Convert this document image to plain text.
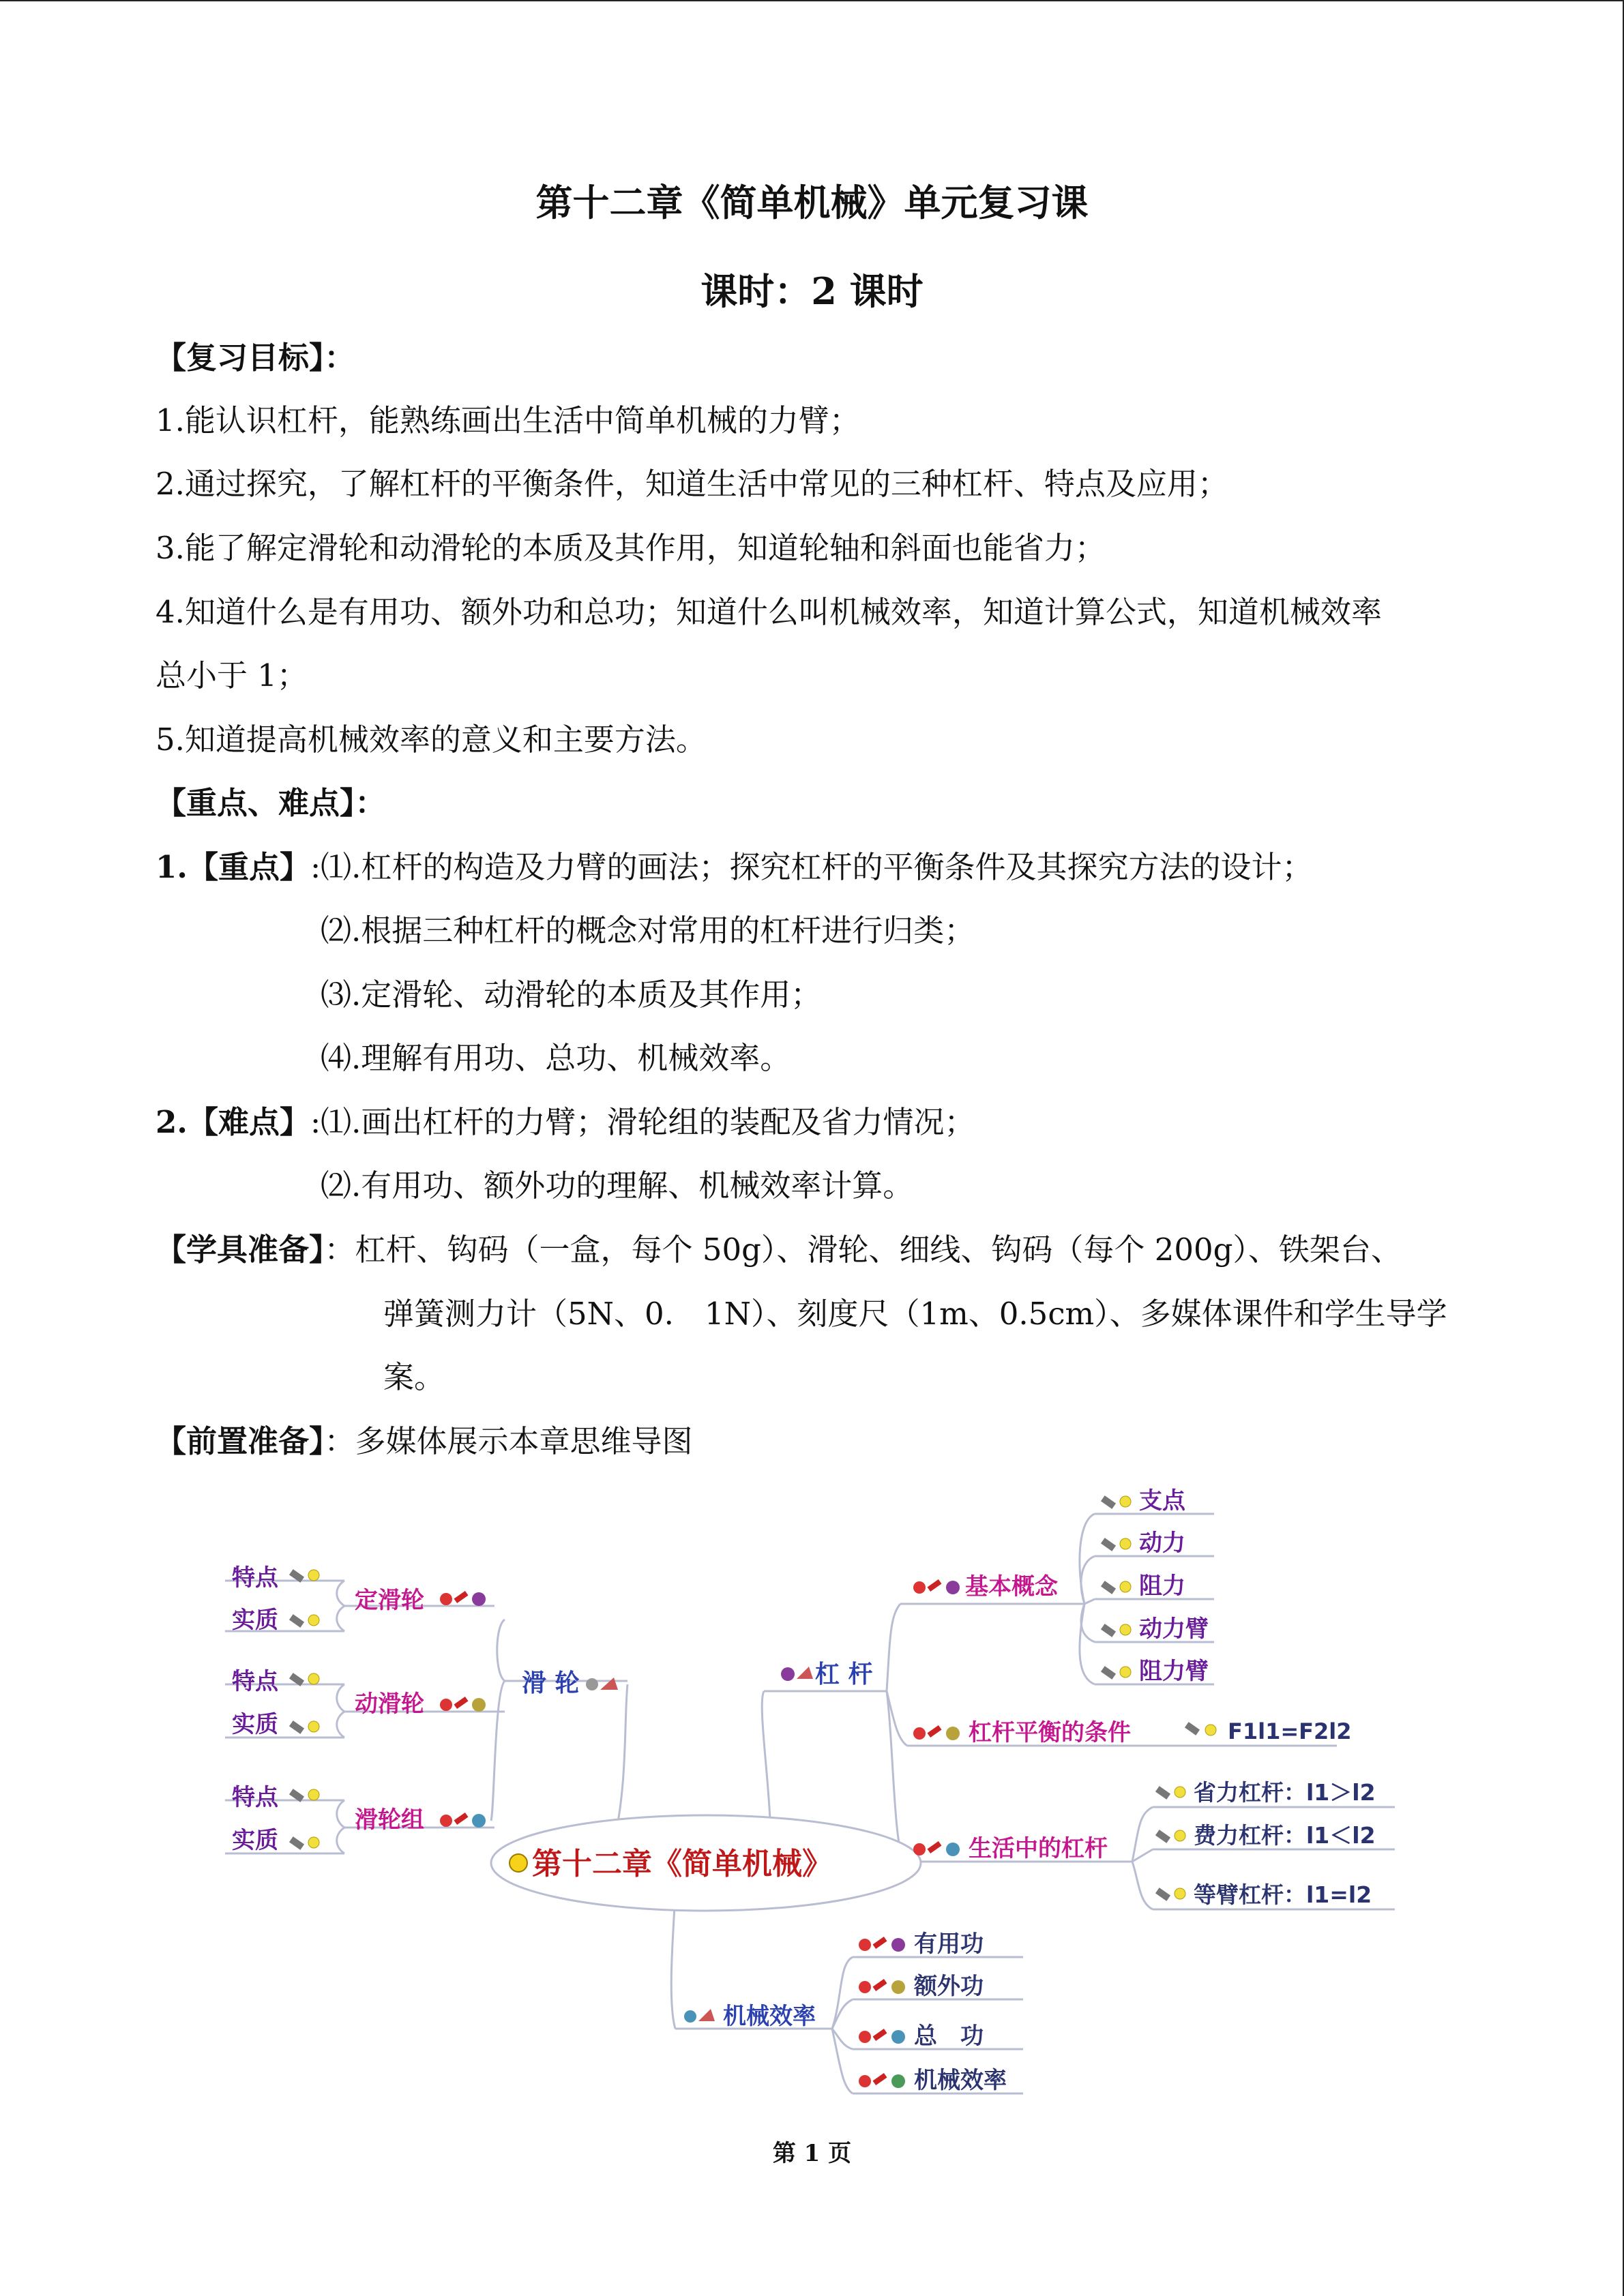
第十二章《简单机械》单元复习课
课时：2 课时
【复习目标】：
1.能认识杠杆，能熟练画出生活中简单机械的力臂；
2.通过探究，了解杠杆的平衡条件，知道生活中常见的三种杠杆、特点及应用；
3.能了解定滑轮和动滑轮的本质及其作用，知道轮轴和斜面也能省力；
4.知道什么是有用功、额外功和总功；知道什么叫机械效率，知道计算公式，知道机械效率
总小于 1；
5.知道提高机械效率的意义和主要方法。
【重点、难点】：
1.【重点】:⑴.杠杆的构造及力臂的画法；探究杠杆的平衡条件及其探究方法的设计；
⑵.根据三种杠杆的概念对常用的杠杆进行归类；
⑶.定滑轮、动滑轮的本质及其作用；
⑷.理解有用功、总功、机械效率。
2.【难点】:⑴.画出杠杆的力臂；滑轮组的装配及省力情况；
⑵.有用功、额外功的理解、机械效率计算。
【学具准备】：杠杆、钩码（一盒，每个 50g）、滑轮、细线、钩码（每个 200g）、铁架台、
弹簧测力计（5N、0.　1N）、刻度尺（1m、0.5cm）、多媒体课件和学生导学
案。
【前置准备】：多媒体展示本章思维导图
第十二章《简单机械》
滑 轮
定滑轮
动滑轮
滑轮组
特点
实质
特点
实质
特点
实质
杠 杆
基本概念
支点
动力
阻力
动力臂
阻力臂
杠杆平衡的条件	F1l1=F2l2
生活中的杠杆
省力杠杆：l1＞l2
费力杠杆：l1＜l2
等臂杠杆：l1=l2
机械效率
有用功
额外功
总　功
机械效率
第 1 页
